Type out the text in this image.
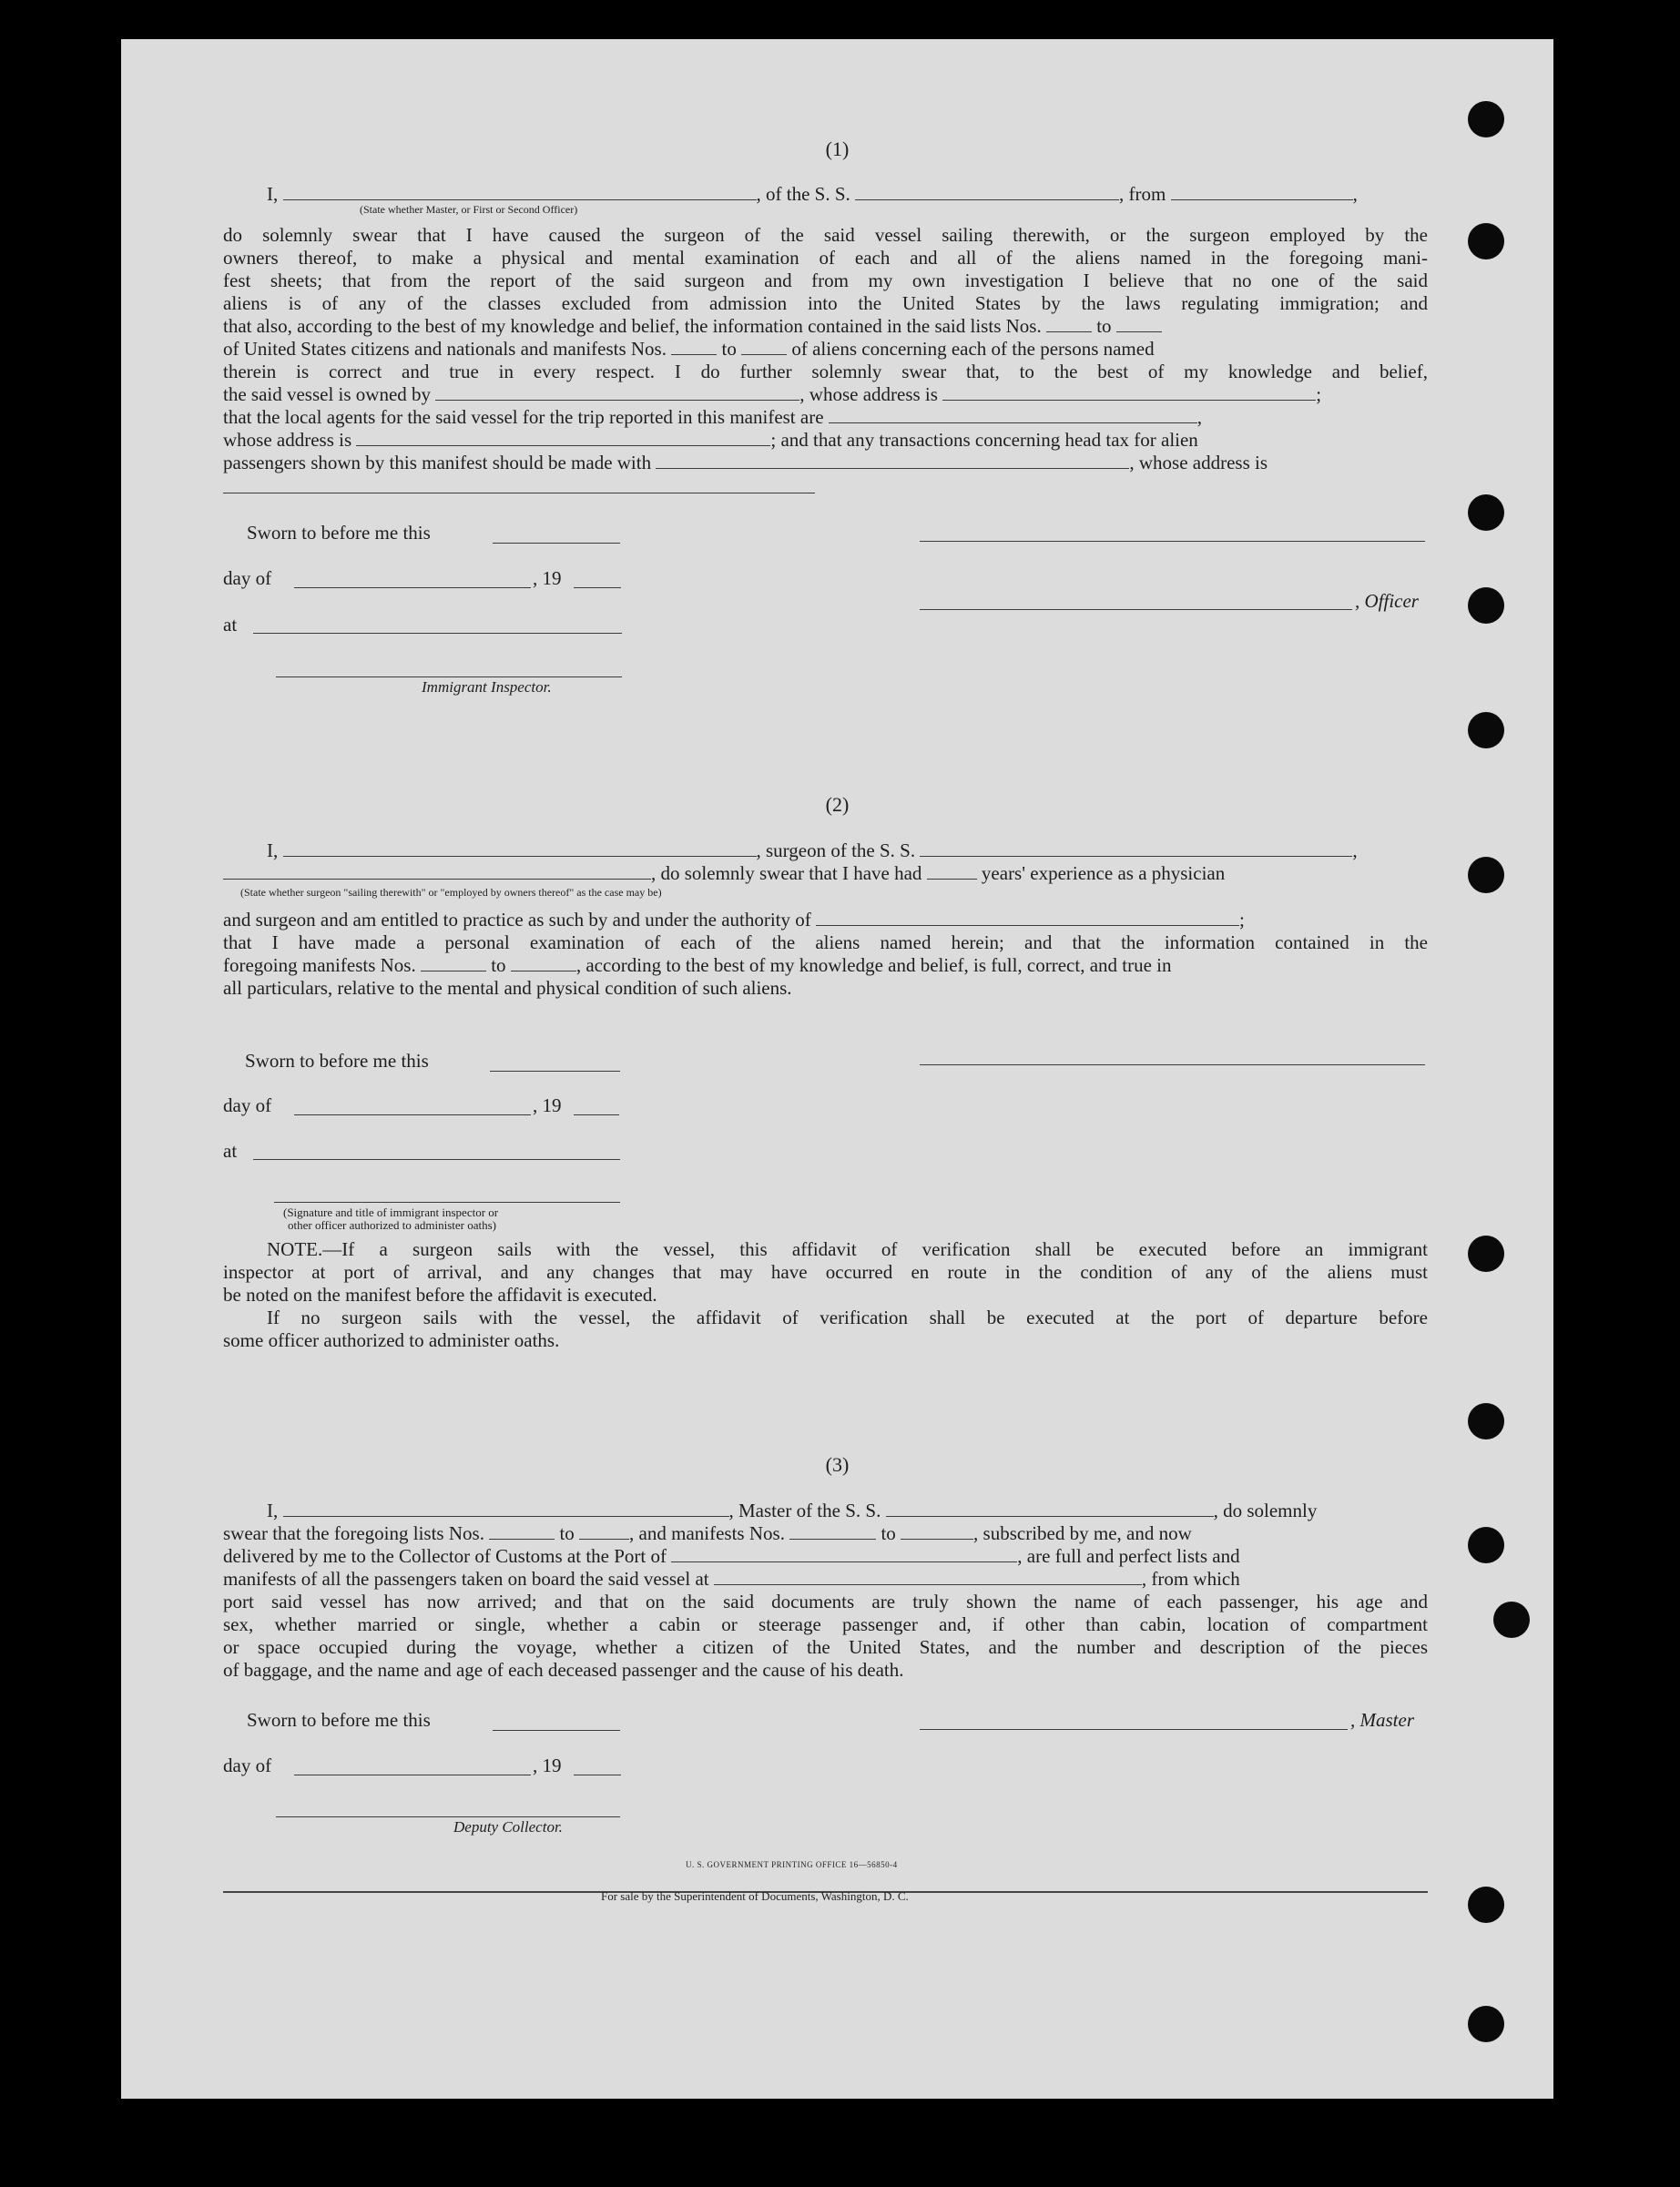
(1)
I,	, of the S. S.	, from	,
(State whether Master, or First or Second Officer)
do solemnly swear that I have caused the surgeon of the said vessel sailing therewith, or the surgeon employed by the
owners thereof, to make a physical and mental examination of each and all of the aliens named in the foregoing mani-
fest sheets; that from the report of the said surgeon and from my own investigation I believe that no one of the said
aliens is of any of the classes excluded from admission into the United States by the laws regulating immigration; and
that also, according to the best of my knowledge and belief, the information contained in the said lists Nos.	to
of United States citizens and nationals and manifests Nos.	to	of aliens concerning each of the persons named
therein is correct and true in every respect. I do further solemnly swear that, to the best of my knowledge and belief,
the said vessel is owned by	, whose address is	;
that the local agents for the said vessel for the trip reported in this manifest are	,
whose address is	; and that any transactions concerning head tax for alien
passengers shown by this manifest should be made with	, whose address is
Sworn to before me this
day of	, 19
, Officer
at
Immigrant Inspector.
(2)
I,	, surgeon of the S. S.	,
, do solemnly swear that I have had	years' experience as a physician
(State whether surgeon "sailing therewith" or "employed by owners thereof" as the case may be)
and surgeon and am entitled to practice as such by and under the authority of	;
that I have made a personal examination of each of the aliens named herein; and that the information contained in the
foregoing manifests Nos.	to	, according to the best of my knowledge and belief, is full, correct, and true in
all particulars, relative to the mental and physical condition of such aliens.
Sworn to before me this
day of	, 19
at
(Signature and title of immigrant inspector or
other officer authorized to administer oaths)
NOTE.—If a surgeon sails with the vessel, this affidavit of verification shall be executed before an immigrant
inspector at port of arrival, and any changes that may have occurred en route in the condition of any of the aliens must
be noted on the manifest before the affidavit is executed.
If no surgeon sails with the vessel, the affidavit of verification shall be executed at the port of departure before
some officer authorized to administer oaths.
(3)
I,	, Master of the S. S.	, do solemnly
swear that the foregoing lists Nos.	to	, and manifests Nos.	to	, subscribed by me, and now
delivered by me to the Collector of Customs at the Port of	, are full and perfect lists and
manifests of all the passengers taken on board the said vessel at	, from which
port said vessel has now arrived; and that on the said documents are truly shown the name of each passenger, his age and
sex, whether married or single, whether a cabin or steerage passenger and, if other than cabin, location of compartment
or space occupied during the voyage, whether a citizen of the United States, and the number and description of the pieces
of baggage, and the name and age of each deceased passenger and the cause of his death.
Sworn to before me this	, Master
day of	, 19
Deputy Collector.
U. S. GOVERNMENT PRINTING OFFICE 16—56850-4
For sale by the Superintendent of Documents, Washington, D. C.
